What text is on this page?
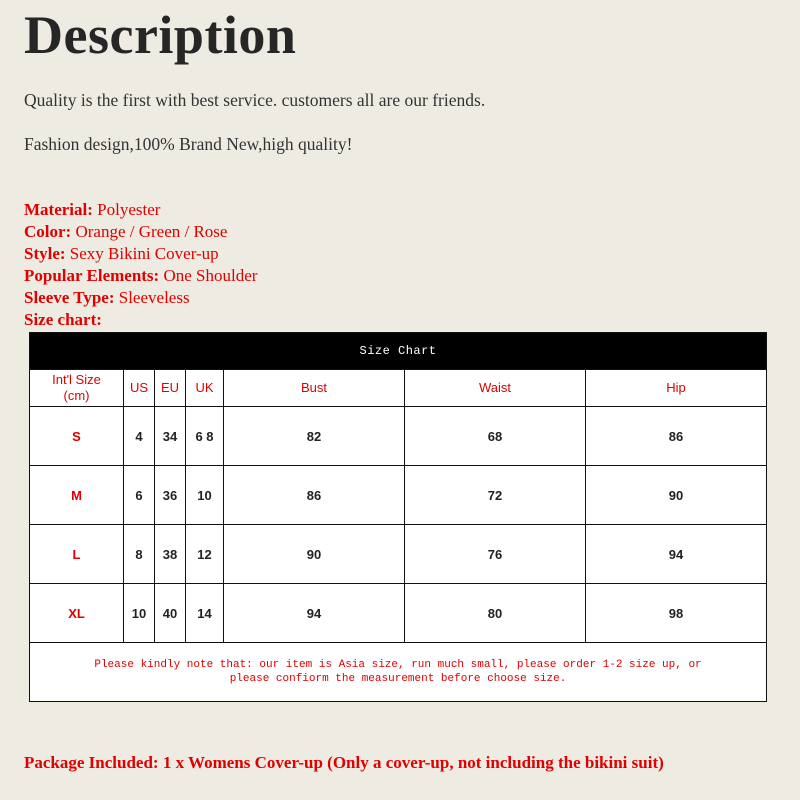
Description

Quality is the first with best service. customers all are our friends.

Fashion design,100% Brand New,high quality!

Material: Polyester
Color: Orange / Green / Rose
Style: Sexy Bikini Cover-up
Popular Elements: One Shoulder
Sleeve Type: Sleeveless
Size chart:
Size Chart						
Int'l Size
(cm)	US	EU	UK	Bust	Waist	Hip
S	4	34	6 8	82	68	86
M	6	36	10	86	72	90
L	8	38	12	90	76	94
XL	10	40	14	94	80	98
Please kindly note that: our item is Asia size, run much small, please order 1-2 size up, or
please confiorm the measurement before choose size.						

Package Included: 1 x Womens Cover-up (Only a cover-up, not including the bikini suit)
